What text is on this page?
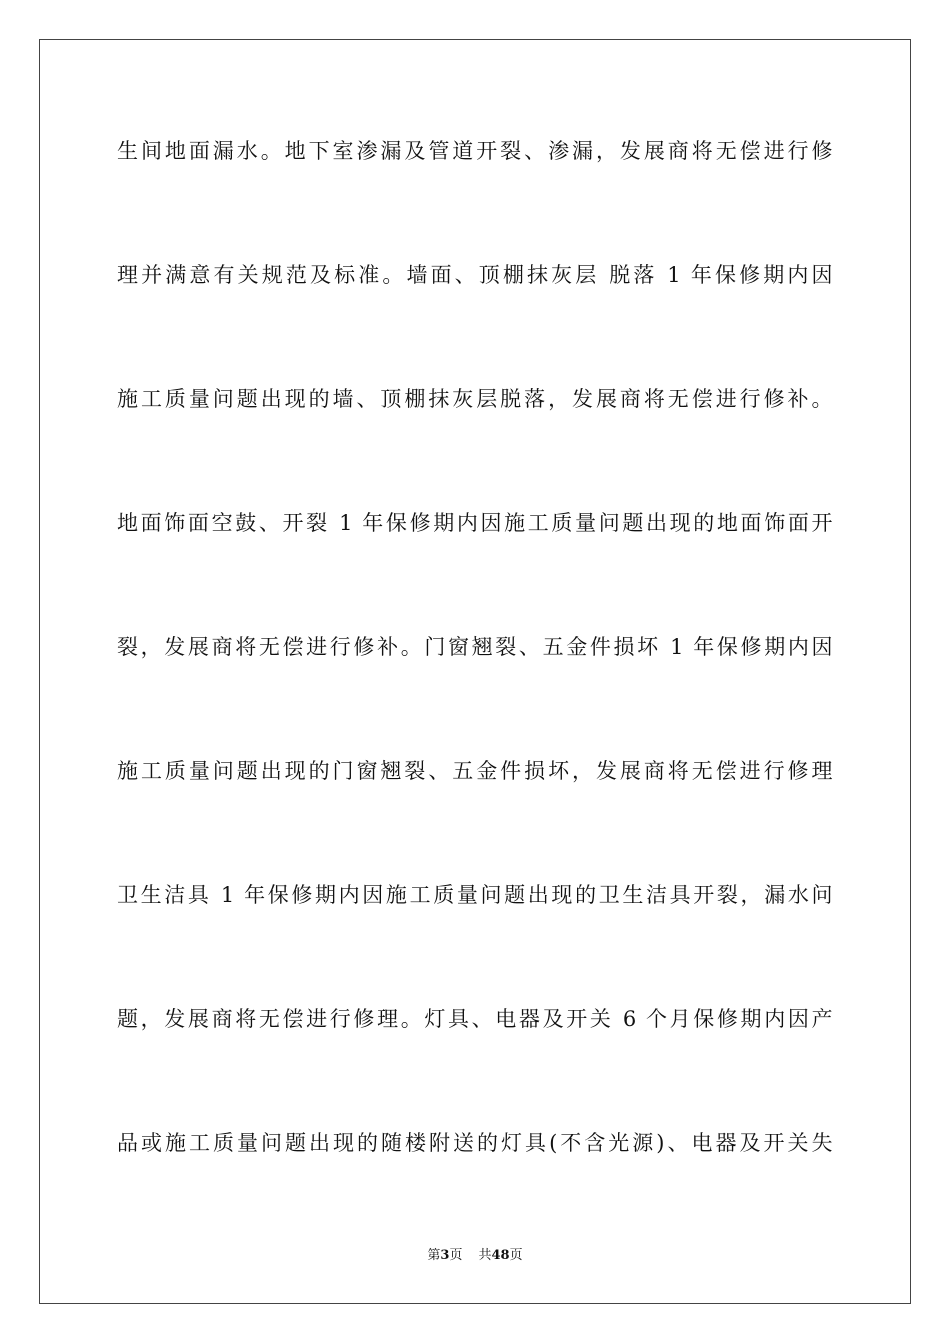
生间地面漏水。地下室渗漏及管道开裂、渗漏，发展商将无偿进行修
理并满意有关规范及标准。墙面、顶棚抹灰层 脱落 1 年保修期内因
施工质量问题出现的墙、顶棚抹灰层脱落，发展商将无偿进行修补。
地面饰面空鼓、开裂 1 年保修期内因施工质量问题出现的地面饰面开
裂，发展商将无偿进行修补。门窗翘裂、五金件损坏 1 年保修期内因
施工质量问题出现的门窗翘裂、五金件损坏，发展商将无偿进行修理
卫生洁具 1 年保修期内因施工质量问题出现的卫生洁具开裂，漏水问
题，发展商将无偿进行修理。灯具、电器及开关 6 个月保修期内因产
品或施工质量问题出现的随楼附送的灯具(不含光源)、电器及开关失
第3页 共48页
